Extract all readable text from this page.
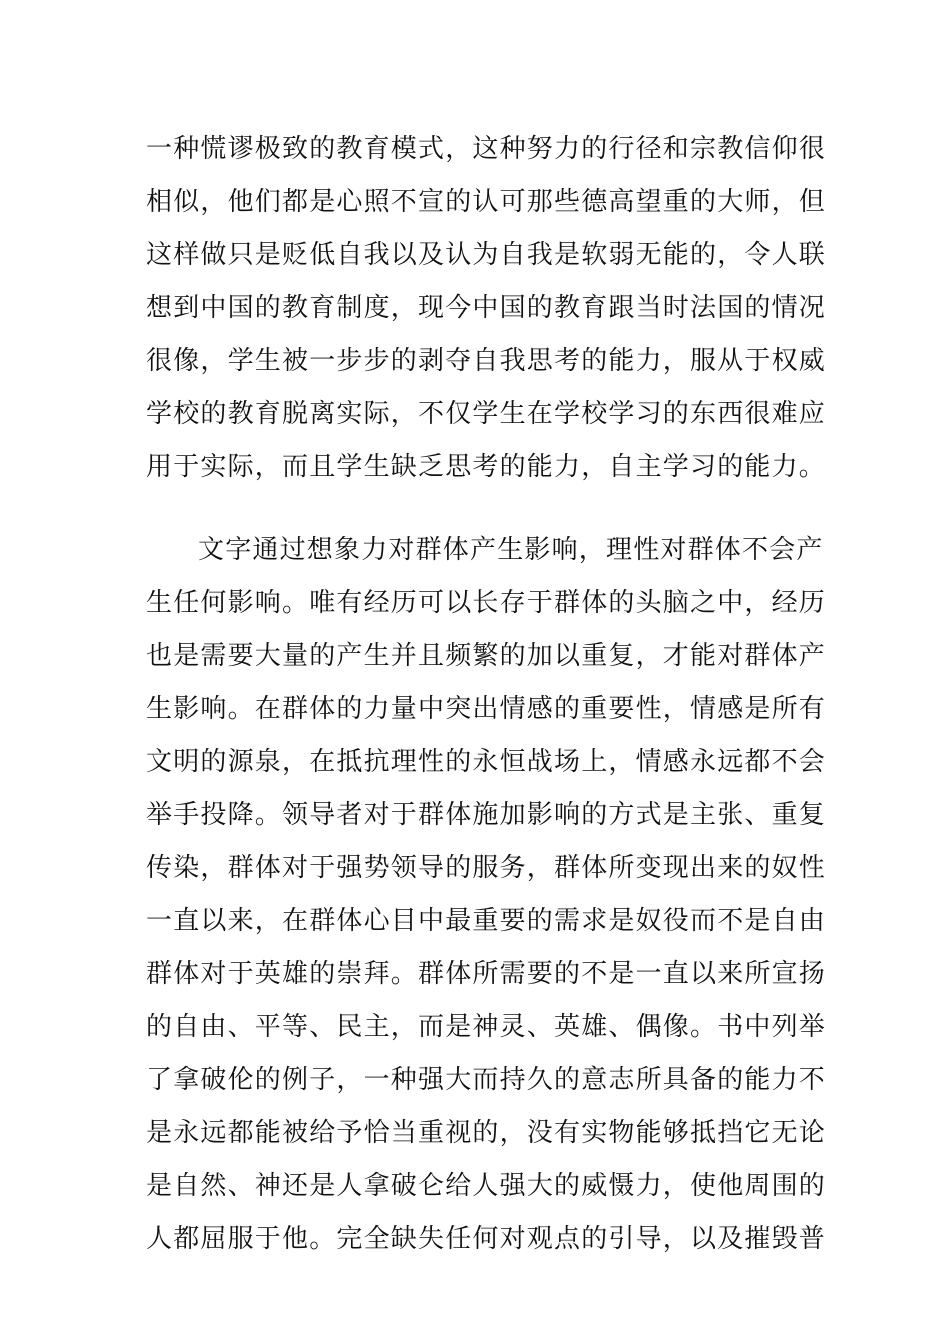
一种慌谬极致的教育模式，这种努力的行径和宗教信仰很
相似，他们都是心照不宣的认可那些德高望重的大师，但
这样做只是贬低自我以及认为自我是软弱无能的，令人联
想到中国的教育制度，现今中国的教育跟当时法国的情况
很像，学生被一步步的剥夺自我思考的能力，服从于权威
学校的教育脱离实际，不仅学生在学校学习的东西很难应
用于实际，而且学生缺乏思考的能力，自主学习的能力。
文字通过想象力对群体产生影响，理性对群体不会产
生任何影响。唯有经历可以长存于群体的头脑之中，经历
也是需要大量的产生并且频繁的加以重复，才能对群体产
生影响。在群体的力量中突出情感的重要性，情感是所有
文明的源泉，在抵抗理性的永恒战场上，情感永远都不会
举手投降。领导者对于群体施加影响的方式是主张、重复
传染，群体对于强势领导的服务，群体所变现出来的奴性
一直以来，在群体心目中最重要的需求是奴役而不是自由
群体对于英雄的崇拜。群体所需要的不是一直以来所宣扬
的自由、平等、民主，而是神灵、英雄、偶像。书中列举
了拿破伦的例子，一种强大而持久的意志所具备的能力不
是永远都能被给予恰当重视的，没有实物能够抵挡它无论
是自然、神还是人拿破仑给人强大的威慑力，使他周围的
人都屈服于他。完全缺失任何对观点的引导，以及摧毁普
